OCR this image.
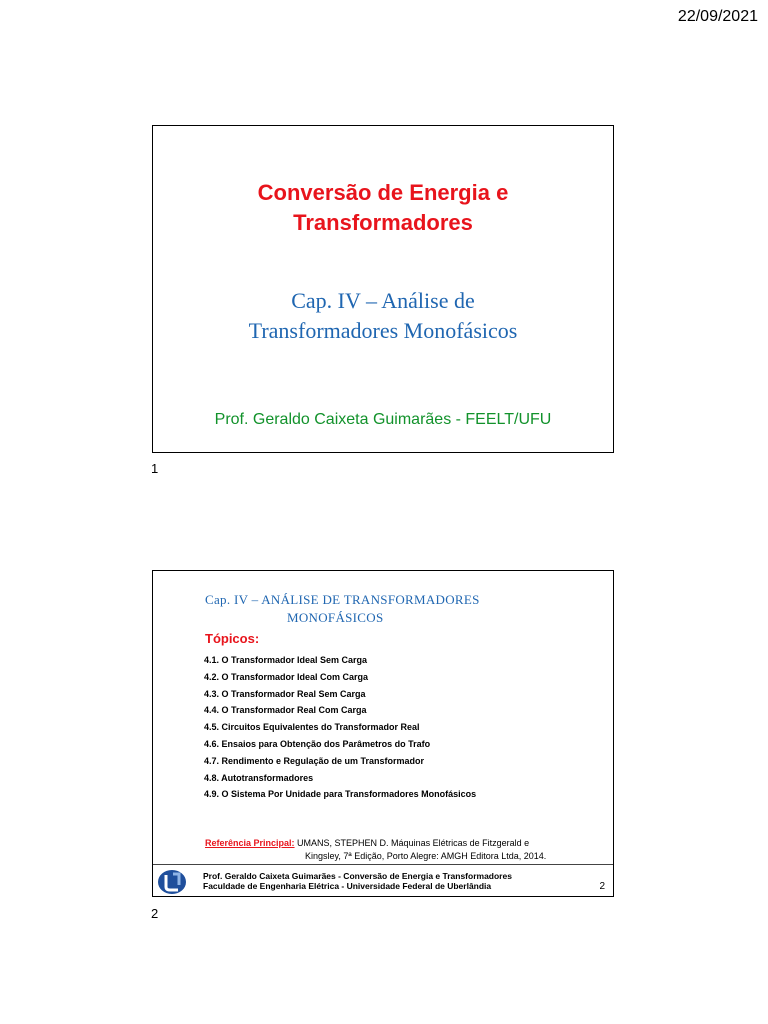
22/09/2021
Conversão de Energia e
Transformadores
Cap. IV – Análise de
Transformadores Monofásicos
Prof. Geraldo Caixeta Guimarães - FEELT/UFU
1
Cap. IV – ANÁLISE DE TRANSFORMADORES
MONOFÁSICOS
Tópicos:
4.1. O Transformador Ideal Sem Carga
4.2. O Transformador Ideal Com Carga
4.3. O Transformador Real Sem Carga
4.4. O Transformador Real Com Carga
4.5. Circuitos Equivalentes do Transformador Real
4.6. Ensaios para Obtenção dos Parâmetros do Trafo
4.7. Rendimento e Regulação de um Transformador
4.8. Autotransformadores
4.9. O Sistema Por Unidade para Transformadores Monofásicos
Referência Principal: UMANS, STEPHEN D. Máquinas Elétricas de Fitzgerald e
Kingsley, 7ª Edição, Porto Alegre: AMGH Editora Ltda, 2014.
Prof. Geraldo Caixeta Guimarães - Conversão de Energia e Transformadores
Faculdade de Engenharia Elétrica - Universidade Federal de Uberlândia	2
2
